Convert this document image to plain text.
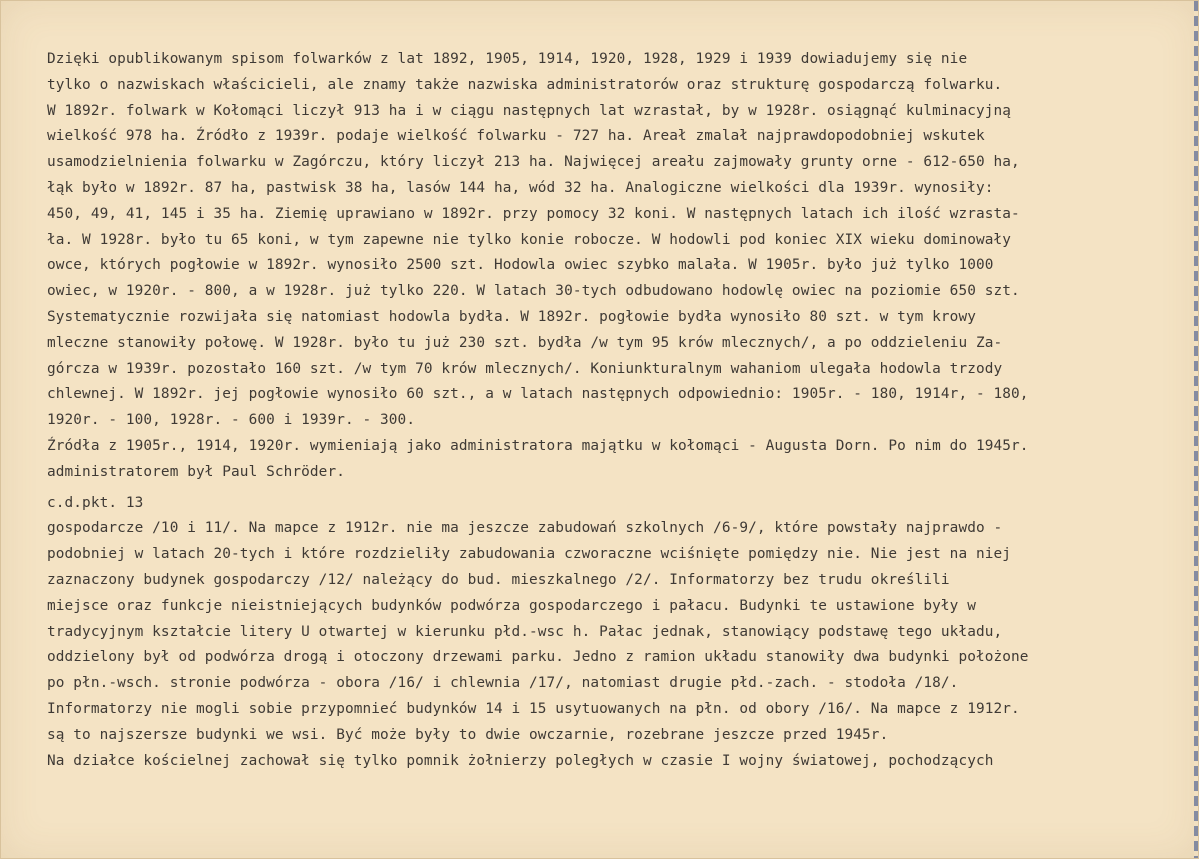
Dzięki opublikowanym spisom folwarków z lat 1892, 1905, 1914, 1920, 1928, 1929 i 1939 dowiadujemy się nie
tylko o nazwiskach właścicieli, ale znamy także nazwiska administratorów oraz strukturę gospodarczą folwarku.
W 1892r. folwark w Kołomąci liczył 913 ha i w ciągu następnych lat wzrastał, by w 1928r. osiągnąć kulminacyjną
wielkość 978 ha. Źródło z 1939r. podaje wielkość folwarku - 727 ha. Areał zmalał najprawdopodobniej wskutek
usamodzielnienia folwarku w Zagórczu, który liczył 213 ha. Najwięcej areału zajmowały grunty orne - 612-650 ha,
łąk było w 1892r. 87 ha, pastwisk 38 ha, lasów 144 ha, wód 32 ha. Analogiczne wielkości dla 1939r. wynosiły:
450, 49, 41, 145 i 35 ha. Ziemię uprawiano w 1892r. przy pomocy 32 koni. W następnych latach ich ilość wzrasta-
ła. W 1928r. było tu 65 koni, w tym zapewne nie tylko konie robocze. W hodowli pod koniec XIX wieku dominowały
owce, których pogłowie w 1892r. wynosiło 2500 szt. Hodowla owiec szybko malała. W 1905r. było już tylko 1000
owiec, w 1920r. - 800, a w 1928r. już tylko 220. W latach 30-tych odbudowano hodowlę owiec na poziomie 650 szt.
Systematycznie rozwijała się natomiast hodowla bydła. W 1892r. pogłowie bydła wynosiło 80 szt. w tym krowy
mleczne stanowiły połowę. W 1928r. było tu już 230 szt. bydła /w tym 95 krów mlecznych/, a po oddzieleniu Za-
górcza w 1939r. pozostało 160 szt. /w tym 70 krów mlecznych/. Koniunkturalnym wahaniom ulegała hodowla trzody
chlewnej. W 1892r. jej pogłowie wynosiło 60 szt., a w latach następnych odpowiednio: 1905r. - 180, 1914r, - 180,
1920r. - 100, 1928r. - 600 i 1939r. - 300.
Źródła z 1905r., 1914, 1920r. wymieniają jako administratora majątku w kołomąci - Augusta Dorn. Po nim do 1945r.
administratorem był Paul Schröder.
c.d.pkt. 13
gospodarcze /10 i 11/. Na mapce z 1912r. nie ma jeszcze zabudowań szkolnych /6-9/, które powstały najprawdo -
podobniej w latach 20-tych i które rozdzieliły zabudowania czworaczne wciśnięte pomiędzy nie. Nie jest na niej
zaznaczony budynek gospodarczy /12/ należący do bud. mieszkalnego /2/. Informatorzy bez trudu określili
miejsce oraz funkcje nieistniejących budynków podwórza gospodarczego i pałacu. Budynki te ustawione były w
tradycyjnym kształcie litery U otwartej w kierunku płd.-wsc h. Pałac jednak, stanowiący podstawę tego układu,
oddzielony był od podwórza drogą i otoczony drzewami parku. Jedno z ramion układu stanowiły dwa budynki położone
po płn.-wsch. stronie podwórza - obora /16/ i chlewnia /17/, natomiast drugie płd.-zach. - stodoła /18/.
Informatorzy nie mogli sobie przypomnieć budynków 14 i 15 usytuowanych na płn. od obory /16/. Na mapce z 1912r.
są to najszersze budynki we wsi. Być może były to dwie owczarnie, rozebrane jeszcze przed 1945r.
Na działce kościelnej zachował się tylko pomnik żołnierzy poległych w czasie I wojny światowej, pochodzących
